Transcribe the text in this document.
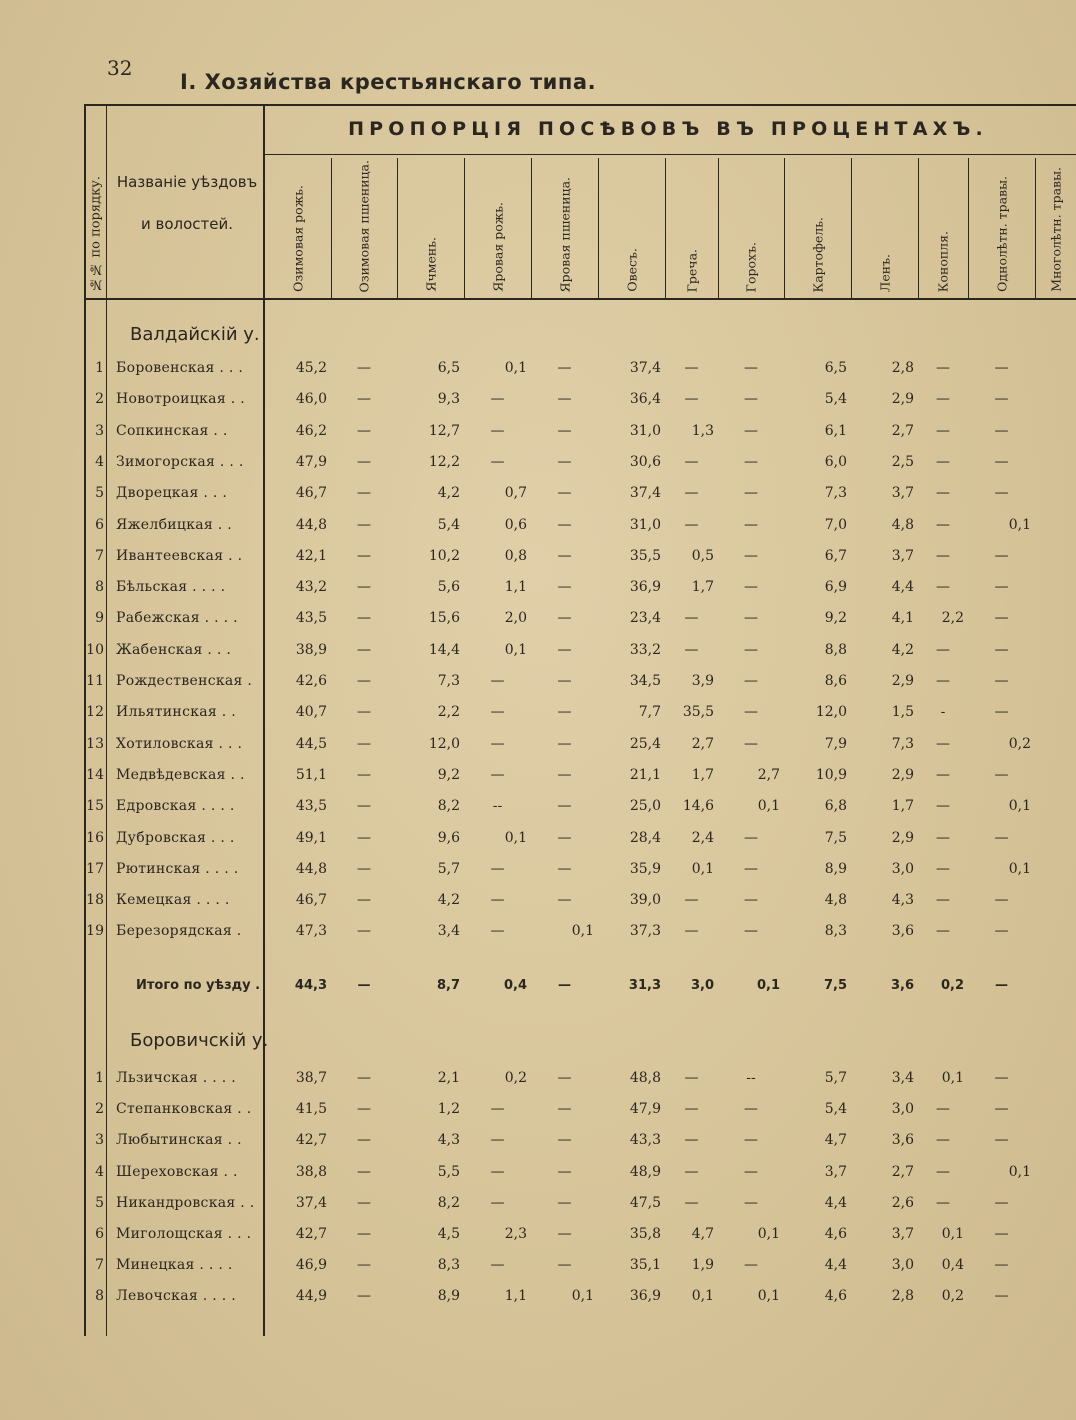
32
I. Хозяйства крестьянскаго типа.
ПРОПОРЦІЯ ПОСѢВОВЪ ВЪ ПРОЦЕНТАХЪ.
№№ по порядку. Названіе уѣздовъ
и волостей.	Озимовая рожь.	Озимовая пшеница.	Ячмень.	Яровая рожь.	Яровая пшеница.	Овесъ.	Греча.	Горохъ.	Картофель.	Ленъ.	Конопля.	Однолѣтн. травы.	Многолѣтн. травы.
Валдайскій у.
1 Боровенская . . .	45,2	—	6,5	0,1	—	37,4	—	—	6,5	2,8	—	—
2 Новотроицкая . .	46,0	—	9,3	—	—	36,4	—	—	5,4	2,9	—	—
3 Сопкинская . .	46,2	—	12,7	—	—	31,0	1,3	—	6,1	2,7	—	—
4 Зимогорская . . .	47,9	—	12,2	—	—	30,6	—	—	6,0	2,5	—	—
5 Дворецкая . . .	46,7	—	4,2	0,7	—	37,4	—	—	7,3	3,7	—	—
6 Яжелбицкая . .	44,8	—	5,4	0,6	—	31,0	—	—	7,0	4,8	—	0,1
7 Ивантеевская . .	42,1	—	10,2	0,8	—	35,5	0,5	—	6,7	3,7	—	—
8 Бѣльская . . . .	43,2	—	5,6	1,1	—	36,9	1,7	—	6,9	4,4	—	—
9 Рабежская . . . .	43,5	—	15,6	2,0	—	23,4	—	—	9,2	4,1	2,2	—
10 Жабенская . . .	38,9	—	14,4	0,1	—	33,2	—	—	8,8	4,2	—	—
11 Рождественская .	42,6	—	7,3	—	—	34,5	3,9	—	8,6	2,9	—	—
12 Ильятинская . .	40,7	—	2,2	—	—	7,7	35,5	—	12,0	1,5	-	—
13 Хотиловская . . .	44,5	—	12,0	—	—	25,4	2,7	—	7,9	7,3	—	0,2
14 Медвѣдевская . .	51,1	—	9,2	—	—	21,1	1,7	2,7	10,9	2,9	—	—
15 Едровская . . . .	43,5	—	8,2	--	—	25,0	14,6	0,1	6,8	1,7	—	0,1
16 Дубровская . . .	49,1	—	9,6	0,1	—	28,4	2,4	—	7,5	2,9	—	—
17 Рютинская . . . .	44,8	—	5,7	—	—	35,9	0,1	—	8,9	3,0	—	0,1
18 Кемецкая . . . .	46,7	—	4,2	—	—	39,0	—	—	4,8	4,3	—	—
19 Березорядская .	47,3	—	3,4	—	0,1	37,3	—	—	8,3	3,6	—	—
Итого по уѣзду .	44,3	—	8,7	0,4	—	31,3	3,0	0,1	7,5	3,6	0,2	—
Боровичскій у.
1 Льзичская . . . .	38,7	—	2,1	0,2	—	48,8	—	--	5,7	3,4	0,1	—
2 Степанковская . .	41,5	—	1,2	—	—	47,9	—	—	5,4	3,0	—	—
3 Любытинская . .	42,7	—	4,3	—	—	43,3	—	—	4,7	3,6	—	—
4 Шереховская . .	38,8	—	5,5	—	—	48,9	—	—	3,7	2,7	—	0,1
5 Никандровская . .	37,4	—	8,2	—	—	47,5	—	—	4,4	2,6	—	—
6 Миголощская . . .	42,7	—	4,5	2,3	—	35,8	4,7	0,1	4,6	3,7	0,1	—
7 Минецкая . . . .	46,9	—	8,3	—	—	35,1	1,9	—	4,4	3,0	0,4	—
8 Левочская . . . .	44,9	—	8,9	1,1	0,1	36,9	0,1	0,1	4,6	2,8	0,2	—
